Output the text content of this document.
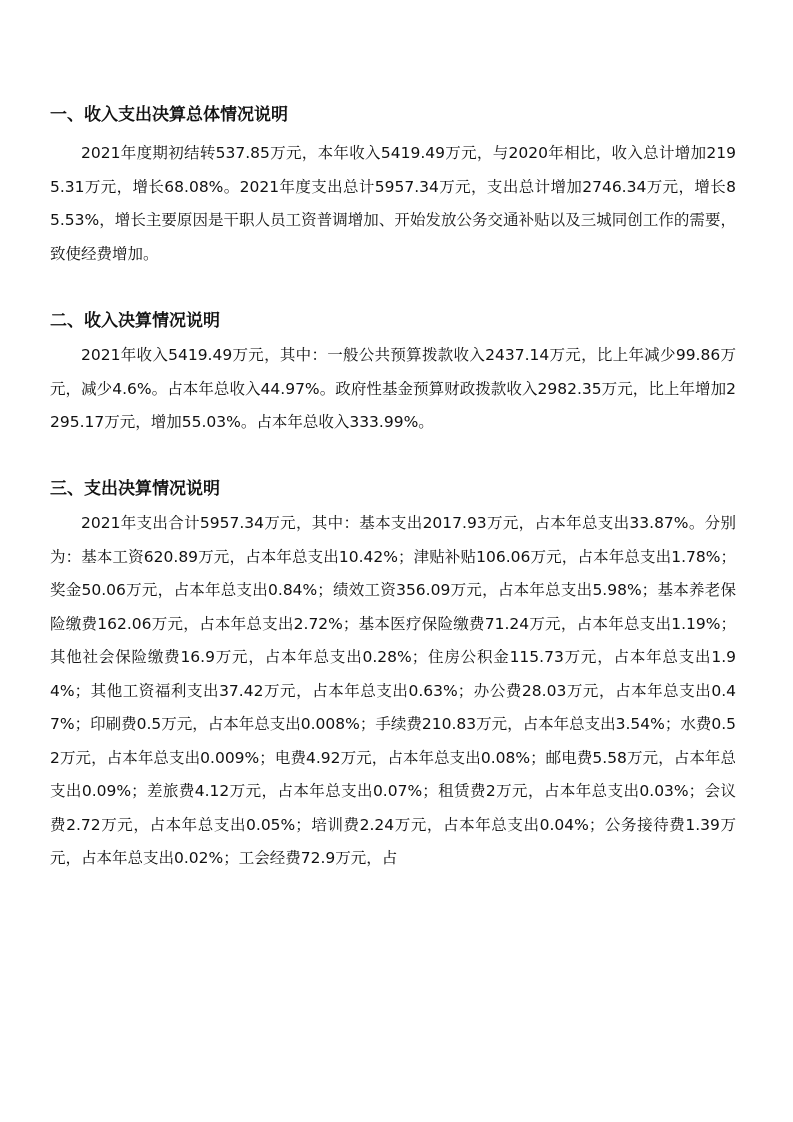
一、收入支出决算总体情况说明

2021年度期初结转537.85万元，本年收入5419.49万元，与2020年相比，收入总计增加2195.31万元，增长68.08%。2021年度支出总计5957.34万元，支出总计增加2746.34万元，增长85.53%，增长主要原因是干职人员工资普调增加、开始发放公务交通补贴以及三城同创工作的需要，致使经费增加。

二、收入决算情况说明

2021年收入5419.49万元，其中：一般公共预算拨款收入2437.14万元，比上年减少99.86万元，减少4.6%。占本年总收入44.97%。政府性基金预算财政拨款收入2982.35万元，比上年增加2295.17万元，增加55.03%。占本年总收入333.99%。

三、支出决算情况说明

2021年支出合计5957.34万元，其中：基本支出2017.93万元，占本年总支出33.87%。分别为：基本工资620.89万元，占本年总支出10.42%；津贴补贴106.06万元，占本年总支出1.78%；奖金50.06万元，占本年总支出0.84%；绩效工资356.09万元，占本年总支出5.98%；基本养老保险缴费162.06万元，占本年总支出2.72%；基本医疗保险缴费71.24万元，占本年总支出1.19%；其他社会保险缴费16.9万元，占本年总支出0.28%；住房公积金115.73万元，占本年总支出1.94%；其他工资福利支出37.42万元，占本年总支出0.63%；办公费28.03万元，占本年总支出0.47%；印刷费0.5万元，占本年总支出0.008%；手续费210.83万元，占本年总支出3.54%；水费0.52万元，占本年总支出0.009%；电费4.92万元，占本年总支出0.08%；邮电费5.58万元，占本年总支出0.09%；差旅费4.12万元，占本年总支出0.07%；租赁费2万元，占本年总支出0.03%；会议费2.72万元，占本年总支出0.05%；培训费2.24万元，占本年总支出0.04%；公务接待费1.39万元，占本年总支出0.02%；工会经费72.9万元，占
